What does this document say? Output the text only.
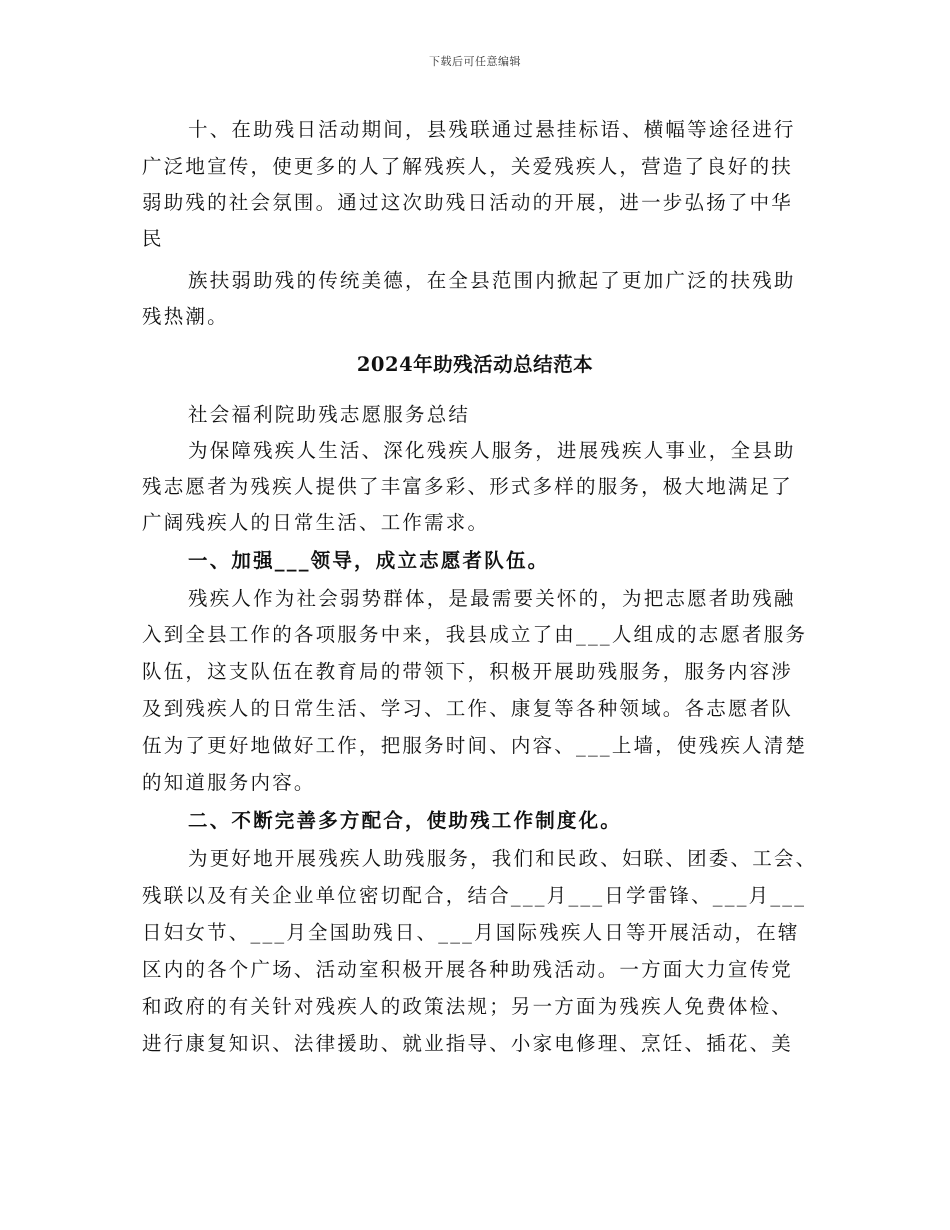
下载后可任意编辑
十、在助残日活动期间，县残联通过悬挂标语、横幅等途径进行
广泛地宣传，使更多的人了解残疾人，关爱残疾人，营造了良好的扶
弱助残的社会氛围。通过这次助残日活动的开展，进一步弘扬了中华
民
族扶弱助残的传统美德，在全县范围内掀起了更加广泛的扶残助
残热潮。
2024年助残活动总结范本
社会福利院助残志愿服务总结
为保障残疾人生活、深化残疾人服务，进展残疾人事业，全县助
残志愿者为残疾人提供了丰富多彩、形式多样的服务，极大地满足了
广阔残疾人的日常生活、工作需求。
一、加强___领导，成立志愿者队伍。
残疾人作为社会弱势群体，是最需要关怀的，为把志愿者助残融
入到全县工作的各项服务中来，我县成立了由___人组成的志愿者服务
队伍，这支队伍在教育局的带领下，积极开展助残服务，服务内容涉
及到残疾人的日常生活、学习、工作、康复等各种领域。各志愿者队
伍为了更好地做好工作，把服务时间、内容、___上墙，使残疾人清楚
的知道服务内容。
二、不断完善多方配合，使助残工作制度化。
为更好地开展残疾人助残服务，我们和民政、妇联、团委、工会、
残联以及有关企业单位密切配合，结合___月___日学雷锋、___月___
日妇女节、___月全国助残日、___月国际残疾人日等开展活动，在辖
区内的各个广场、活动室积极开展各种助残活动。一方面大力宣传党
和政府的有关针对残疾人的政策法规；另一方面为残疾人免费体检、
进行康复知识、法律援助、就业指导、小家电修理、烹饪、插花、美
